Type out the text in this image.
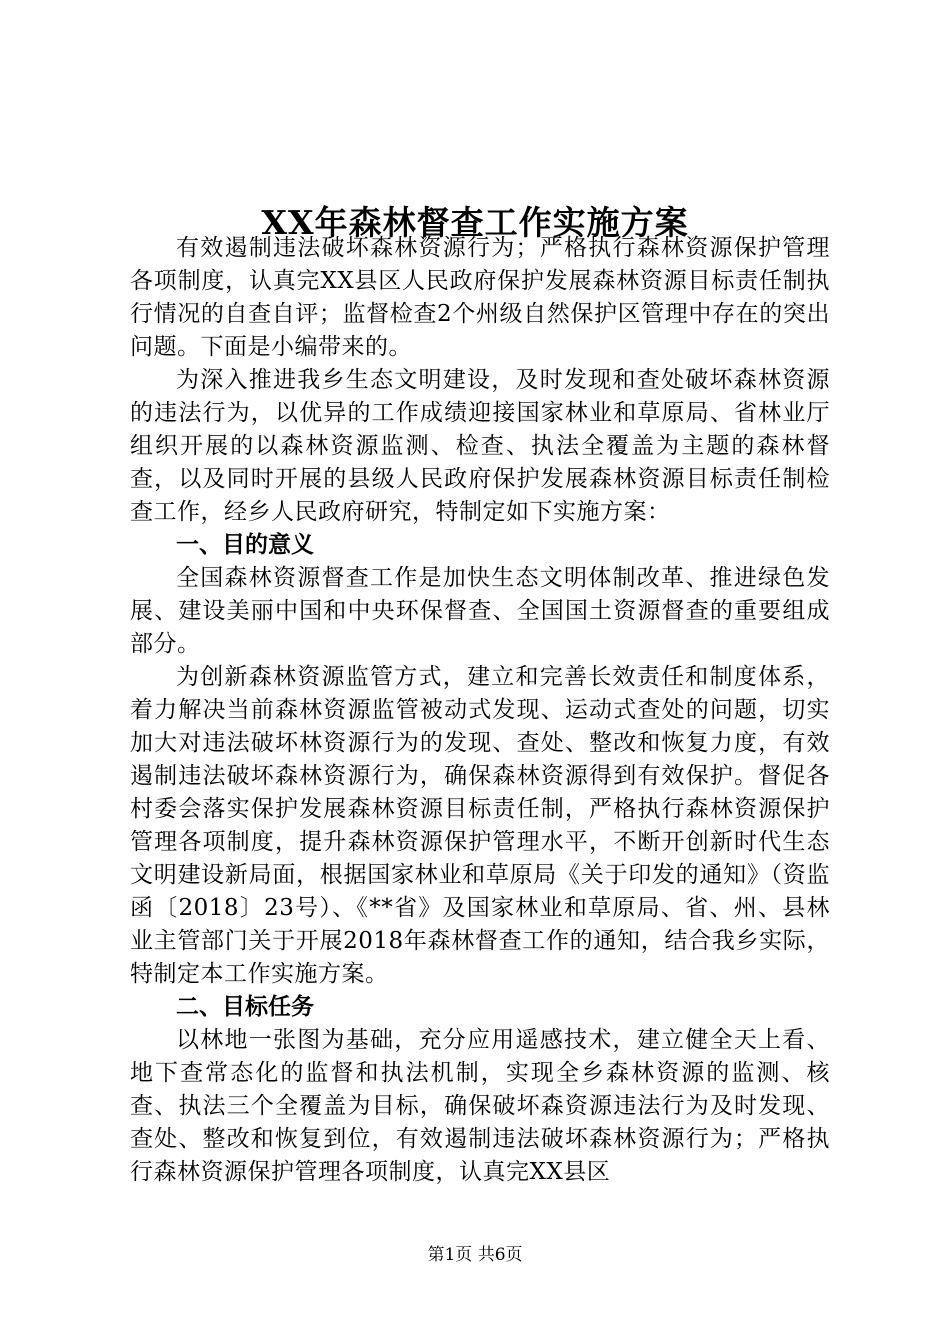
XX年森林督查工作实施方案

有效遏制违法破坏森林资源行为；严格执行森林资源保护管理各项制度，认真完XX县区人民政府保护发展森林资源目标责任制执行情况的自查自评；监督检查2个州级自然保护区管理中存在的突出问题。下面是小编带来的。

为深入推进我乡生态文明建设，及时发现和查处破坏森林资源的违法行为，以优异的工作成绩迎接国家林业和草原局、省林业厅组织开展的以森林资源监测、检查、执法全覆盖为主题的森林督查，以及同时开展的县级人民政府保护发展森林资源目标责任制检查工作，经乡人民政府研究，特制定如下实施方案：

一、目的意义

全国森林资源督查工作是加快生态文明体制改革、推进绿色发展、建设美丽中国和中央环保督查、全国国土资源督查的重要组成部分。

为创新森林资源监管方式，建立和完善长效责任和制度体系，着力解决当前森林资源监管被动式发现、运动式查处的问题，切实加大对违法破坏林资源行为的发现、查处、整改和恢复力度，有效遏制违法破坏森林资源行为，确保森林资源得到有效保护。督促各村委会落实保护发展森林资源目标责任制，严格执行森林资源保护管理各项制度，提升森林资源保护管理水平，不断开创新时代生态文明建设新局面，根据国家林业和草原局《关于印发的通知》（资监函〔2018〕23号）、《**省》及国家林业和草原局、省、州、县林业主管部门关于开展2018年森林督查工作的通知，结合我乡实际，特制定本工作实施方案。

二、目标任务

以林地一张图为基础，充分应用遥感技术，建立健全天上看、地下查常态化的监督和执法机制，实现全乡森林资源的监测、核查、执法三个全覆盖为目标，确保破坏森资源违法行为及时发现、查处、整改和恢复到位，有效遏制违法破坏森林资源行为；严格执行森林资源保护管理各项制度，认真完XX县区

第1页 共6页
